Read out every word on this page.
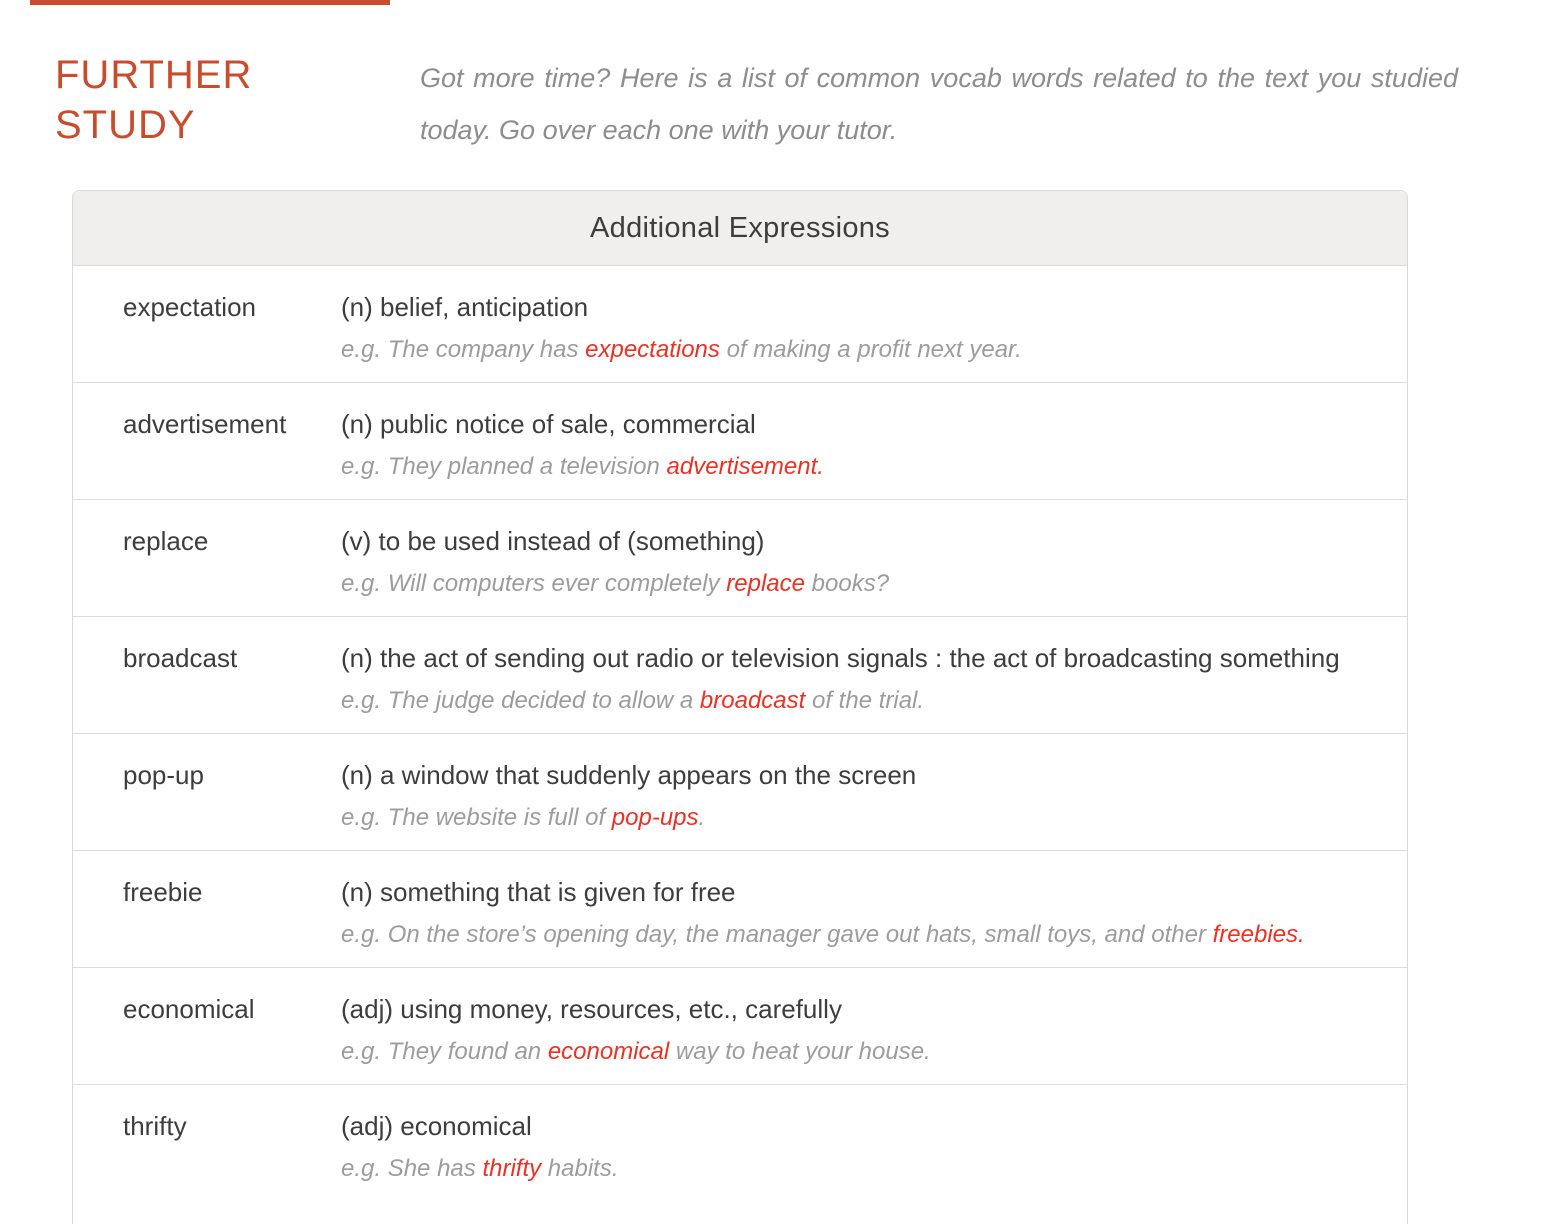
FURTHER
STUDY

Got more time? Here is a list of common vocab words related to the text you studied today. Go over each one with your tutor.

Additional Expressions
expectation	(n) belief, anticipation

e.g. The company has expectations of making a profit next year.

advertisement	(n) public notice of sale, commercial

e.g. They planned a television advertisement.

replace	(v) to be used instead of (something)

e.g. Will computers ever completely replace books?

broadcast	(n) the act of sending out radio or television signals : the act of broadcasting something

e.g. The judge decided to allow a broadcast of the trial.

pop-up	(n) a window that suddenly appears on the screen

e.g. The website is full of pop-ups.

freebie	(n) something that is given for free

e.g. On the store’s opening day, the manager gave out hats, small toys, and other freebies.

economical	(adj) using money, resources, etc., carefully

e.g. They found an economical way to heat your house.

thrifty	(adj) economical

e.g. She has thrifty habits.
